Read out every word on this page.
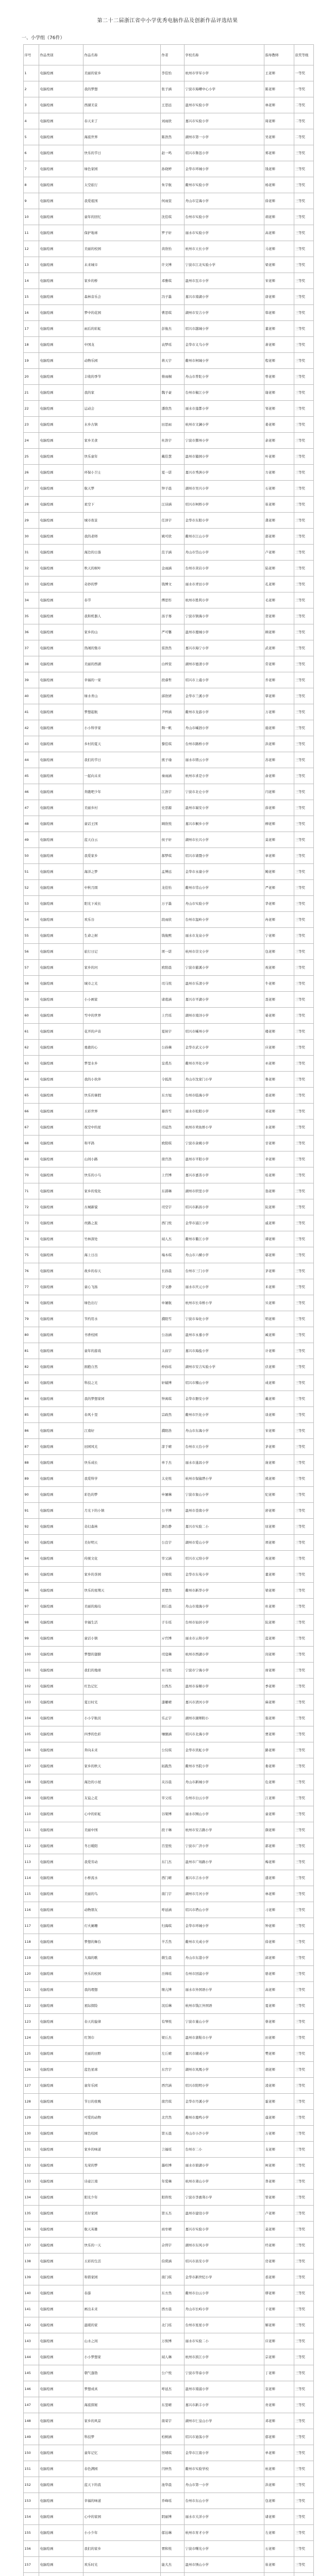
第二十二届浙江省中小学优秀电脑作品及创新作品评选结果
一、小学组（76件）
序号	作品类别	作品名称	作者	学校名称	指导教师	获奖等级
1	电脑绘画	美丽的家乡	李佳怡	杭州市学军小学	王老师	一等奖
2	电脑绘画	我的梦想	张子涵	宁波市海曙中心小学	陈老师	一等奖
3	电脑绘画	西湖美景	王思远	温州市实验小学	林老师	二等奖
4	电脑绘画	春天来了	刘雨欣	嘉兴市实验小学	周老师	二等奖
5	电脑绘画	海底世界	陈浩然	湖州市第一小学	吴老师	二等奖
6	电脑绘画	快乐的节日	赵一鸣	绍兴市鲁迅小学	郑老师	三等奖
7	电脑绘画	绿色家园	孙晓婷	金华市环城小学	钱老师	三等奖
8	电脑绘画	太空旅行	朱宇航	衢州市实验小学	杨老师	三等奖
9	电脑绘画	我爱祖国	何雨萱	舟山市定海小学	徐老师	三等奖
10	电脑绘画	童年的回忆	沈佳琪	台州市实验小学	胡老师	三等奖
11	电脑绘画	保护地球	罗子轩	丽水市实验小学	高老师	三等奖
12	电脑绘画	美丽的校园	黄欣怡	杭州市天长小学	马老师	三等奖
13	电脑绘画	未来城市	许文博	宁波市江北实验小学	梁老师	三等奖
14	电脑绘画	家乡的桥	邓雅琪	温州市瓦市小学	宋老师	三等奖
15	电脑绘画	森林音乐会	冯子墨	嘉兴市南湖小学	唐老师	三等奖
16	电脑绘画	梦中的花园	曹思琪	湖州市安吉小学	韩老师	三等奖
17	电脑绘画	雨后的彩虹	彭俊杰	绍兴市越城小学	董老师	三等奖
18	电脑绘画	中国龙	袁梦瑶	金华市义乌小学	萧老师	三等奖
19	电脑绘画	动物乐园	蒋天宇	衢州市柯城小学	程老师	三等奖
20	电脑绘画	丰收的季节	蔡雨桐	舟山市普陀小学	曾老师	三等奖
21	电脑绘画	我的家	魏子豪	台州市椒江小学	谢老师	三等奖
22	电脑绘画	运动会	潘欣然	丽水市莲都小学	邹老师	三等奖
23	电脑绘画	水乡古镇	田思雨	杭州市文澜小学	姜老师	三等奖
24	电脑绘画	家乡美食	杜浩宇	宁波市鄞州小学	余老师	三等奖
25	电脑绘画	快乐童年	戴佳慧	温州市籀园小学	叶老师	三等奖
26	电脑绘画	环保小卫士	夏一诺	嘉兴市秀洲小学	方老师	三等奖
27	电脑绘画	航天梦	钟子晨	湖州市吴兴小学	石老师	三等奖
28	电脑绘画	星空下	汪诗涵	绍兴市柯桥小学	崔老师	三等奖
29	电脑绘画	城市夜景	任泽宇	金华市东阳小学	龚老师	三等奖
30	电脑绘画	我的老师	姚可欣	衢州市江山小学	邵老师	三等奖
31	电脑绘画	海边的日落	范子涵	舟山市岱山小学	卢老师	三等奖
32	电脑绘画	秋天的树叶	金雨涵	台州市黄岩小学	陆老师	三等奖
33	电脑绘画	奇妙的梦	钱博文	丽水市青田小学	孔老师	三等奖
34	电脑绘画	春节	傅思彤	杭州市胜利小学	毛老师	三等奖
35	电脑绘画	我和机器人	汤子骞	宁波市镇海小学	贺老师	三等奖
36	电脑绘画	家乡的山	严可馨	温州市鹿城小学	顾老师	三等奖
37	电脑绘画	热闹的集市	雷浩然	嘉兴市海宁小学	武老师	三等奖
38	电脑绘画	美丽的西湖	白梓萱	湖州市德清小学	常老师	三等奖
39	电脑绘画	幸福的一家	段睿哲	绍兴市上虞小学	乔老师	三等奖
40	电脑绘画	绿水青山	邱欣妍	金华市兰溪小学	覃老师	三等奖
41	电脑绘画	梦想起航	尹梓涵	衢州市龙游小学	万老师	三等奖
42	电脑绘画	小小科学家	陶一帆	舟山市嵊泗小学	施老师	三等奖
43	电脑绘画	乡村的夏天	黎佳琪	台州市路桥小学	洪老师	三等奖
44	电脑绘画	我们的节日	熊子瑜	丽水市缙云小学	苏老师	三等奖
45	电脑绘画	一起向未来	秦雨涵	杭州市求是小学	俞老师	三等奖
46	电脑绘画	奔跑吧少年	江浩宇	宁波市北仑小学	闫老师	三等奖
47	电脑绘画	美丽乡村	史思源	温州市瑞安小学	薛老师	三等奖
48	电脑绘画	童话王国	顾欣悦	嘉兴市桐乡小学	柳老师	三等奖
49	电脑绘画	蓝天白云	侯子轩	湖州市长兴小学	莫老师	三等奖
50	电脑绘画	我爱家乡	郝梦琪	绍兴市诸暨小学	章老师	三等奖
51	电脑绘画	海洋之梦	孟博远	金华市永康小学	鲍老师	三等奖
52	电脑绘画	中秋月圆	龙佳怡	衢州市常山小学	严老师	三等奖
53	电脑绘画	阳光下成长	万子墨	舟山市实验小学	华老师	三等奖
54	电脑绘画	欢乐谷	段雨欣	台州市温岭小学	冉老师	三等奖
55	电脑绘画	生命之树	钱俊熙	丽水市龙泉小学	宁老师	三等奖
56	电脑绘画	旅行日记	项一诺	杭州市崇文小学	包老师	三等奖
57	电脑绘画	家乡的河	欧阳晨	宁波市慈溪小学	祝老师	三等奖
58	电脑绘画	城市之光	司马悦	温州市乐清小学	牛老师	三等奖
59	电脑绘画	小小画家	诸葛涵	嘉兴市平湖小学	聂老师	三等奖
60	电脑绘画	雪中的世界	上官瑶	湖州市南浔小学	晏老师	三等奖
61	电脑绘画	花开的声音	夏侯宇	绍兴市嵊州小学	楼老师	三等奖
62	电脑绘画	勇敢的心	公孙琳	金华市武义小学	应老师	三等奖
63	电脑绘画	梦里水乡	皇甫杰	衢州市开化小学	巫老师	三等奖
64	电脑绘画	我的小伙伴	令狐茜	舟山市沈家门小学	鲁老师	三等奖
65	电脑绘画	快乐的暑假	东方旭	台州市临海小学	裘老师	三等奖
66	电脑绘画	五彩世界	慕容雪	丽水市松阳小学	祁老师	三等奖
67	电脑绘画	夜空中的星	司徒然	杭州市卖鱼桥小学	水老师	三等奖
68	电脑绘画	和平鸽	欧阳琪	宁波市余姚小学	甘老师	三等奖
69	电脑绘画	山间小路	南宫浩	温州市平阳小学	幸老师	三等奖
70	电脑绘画	快乐的小鸟	上官博	嘉兴市嘉善小学	桂老师	三等奖
71	电脑绘画	家乡的变化	东郭琳	湖州市织里小学	翁老师	三等奖
72	电脑绘画	古城新貌	司空宇	绍兴市新昌小学	阮老师	三等奖
73	电脑绘画	丝路之旅	西门悦	金华市浦江小学	戚老师	三等奖
74	电脑绘画	竹林深处	闻人杰	衢州市衢江小学	谭老师	三等奖
75	电脑绘画	海上日出	端木琪	舟山市六横小学	邬老师	三等奖
76	电脑绘画	故乡的春天	长孙晨	台州市三门小学	茅老师	三等奖
77	电脑绘画	童心飞扬	宇文静	丽水市庆元小学	米老师	三等奖
78	电脑绘画	绿色出行	申屠航	杭州市长寿桥小学	贝老师	三等奖
79	电脑绘画	节约用水	濮阳雪	宁波市奉化小学	明老师	三等奖
80	电脑绘画	书香校园	公冶涵	温州市永嘉小学	臧老师	三等奖
81	电脑绘画	童年的游戏	太叔宇	嘉兴市海盐小学	计老师	三等奖
82	电脑绘画	拥抱自然	仲孙瑶	湖州市安吉实验小学	伏老师	三等奖
83	电脑绘画	科技之光	轩辕博	绍兴市稽山小学	成老师	三等奖
84	电脑绘画	我的梦想家园	钟离琪	金华市磐安小学	戴老师	三等奖
85	电脑绘画	春风十里	宗政然	衢州市巨化小学	谈老师	三等奖
86	电脑绘画	江南好	濮阳浩	舟山市东海小学	宋老师	三等奖
87	电脑绘画	田园风光	淳于晴	台州市天台小学	茅老师	三等奖
88	电脑绘画	快乐成长	单于杰	丽水市遂昌小学	庞老师	三等奖
89	电脑绘画	我爱科学	太史悦	杭州市保俶塔小学	熊老师	三等奖
90	电脑绘画	彩色的梦	申屠琳	宁波市象山小学	纪老师	三等奖
91	电脑绘画	月光下的小镇	公羊博	温州市苍南小学	舒老师	三等奖
92	电脑绘画	奇幻森林	澹台静	嘉兴市实验二小	屈老师	三等奖
93	电脑绘画	美好明天	公良宇	湖州市爱山小学	项老师	三等奖
94	电脑绘画	传统文化	宰父涵	绍兴市元培小学	祝老师	三等奖
95	电脑绘画	家乡的茶园	谷梁琪	金华市东苑小学	董老师	三等奖
96	电脑绘画	快乐的星期天	晋楚然	衢州市新华小学	梁老师	三等奖
97	电脑绘画	美丽的海岛	闾丘晨	舟山市南海小学	杜老师	三等奖
98	电脑绘画	幸福生活	子车瑶	台州市仙居小学	阮老师	三等奖
99	电脑绘画	童话小镇	亓官博	丽水市云和小学	蓝老师	三等奖
100	电脑绘画	梦想的翅膀	司寇琳	杭州市西湖小学	闵老师	三等奖
101	电脑绘画	我们的地球	巫马悦	宁波市宁海小学	席老师	三等奖
102	电脑绘画	红色记忆	公西杰	温州市泰顺小学	季老师	三等奖
103	电脑绘画	夏日时光	漆雕晴	嘉兴市清河小学	麻老师	三等奖
104	电脑绘画	小小宇航员	乐正宇	湖州市湖师附小	强老师	三等奖
105	电脑绘画	四季的色彩	壤驷涵	绍兴市北海小学	贾老师	三等奖
106	电脑绘画	奔向未来	公仪琪	金华市宾虹小学	路老师	三等奖
107	电脑绘画	家乡的秋天	拓跋然	衢州市书院小学	娄老师	三等奖
108	电脑绘画	海边的小屋	夹谷晨	舟山市新城小学	危老师	三等奖
109	电脑绘画	友谊之花	宰父瑶	台州市白云小学	江老师	三等奖
110	电脑绘画	心中的彩虹	谷梁博	丽水市囿山小学	童老师	三等奖
111	电脑绘画	美丽中国	段干琳	杭州市安吉路小学	颜老师	三等奖
112	电脑绘画	冬日暖阳	百里悦	宁波市广济小学	郭老师	三等奖
113	电脑绘画	我爱劳动	东门杰	温州市广场路小学	梅老师	三等奖
114	电脑绘画	小桥流水	西门晴	嘉兴市吉水小学	盛老师	三等奖
115	电脑绘画	美丽的鸟	南门宇	湖州市月河小学	林老师	三等奖
116	电脑绘画	动物朋友	呼延涵	绍兴市塔山小学	刁老师	三等奖
117	电脑绘画	灯火阑珊	归海琪	金华市环城小学	钟老师	三等奖
118	电脑绘画	梦想的舞台	羊舌然	衢州市大成小学	徐老师	三等奖
119	电脑绘画	大海的歌	微生晨	舟山市东港小学	邱老师	三等奖
120	电脑绘画	快乐的校园	岳帅瑶	台州市回浦小学	骆老师	三等奖
121	电脑绘画	我的理想	缑亢博	丽水市外国语小学	高老师	三等奖
122	电脑绘画	星际探险	况后琳	杭州市钱江外国语	夏老师	三等奖
123	电脑绘画	春天的旋律	有琴悦	宁波市堇山小学	蔡老师	三等奖
124	电脑绘画	红领巾	梁丘杰	温州市蒲鞋市小学	田老师	三等奖
125	电脑绘画	美丽的田野	左丘晴	嘉兴市辅成小学	樊老师	三等奖
126	电脑绘画	蓝色星球	东宫宇	湖州市凤凰小学	胡老师	三等奖
127	电脑绘画	童年乐园	西宫涵	绍兴市阳明小学	凌老师	三等奖
128	电脑绘画	节日的夜晚	南宫琪	金华市丹溪小学	霍老师	三等奖
129	电脑绘画	可爱的动物	北宫然	衢州市鹿鸣小学	虞老师	三等奖
130	电脑绘画	绿色校园	第五晨	舟山市小沙小学	万老师	三等奖
131	电脑绘画	家乡的味道	言福瑶	台州市二小	支老师	三等奖
132	电脑绘画	光荣的梦	墨哈博	丽水市碧湖小学	柯老师	三等奖
133	电脑绘画	诗意江南	年爱琳	杭州市萧山小学	昝老师	三等奖
134	电脑绘画	阳光少年	阳佟悦	宁波市李惠利小学	管老师	三等奖
135	电脑绘画	美好家园	第五杰	温州市建设小学	卢老师	三等奖
136	电脑绘画	航天英雄	商牟晴	嘉兴市实验小学	莫老师	三等奖
137	电脑绘画	快乐的一天	佘佴宇	湖州市东风小学	经老师	三等奖
138	电脑绘画	五彩的生活	伯赏涵	绍兴市昌安小学	房老师	三等奖
139	电脑绘画	和谐家园	南门琪	金华市新世纪小学	裘老师	三等奖
140	电脑绘画	春游	东方然	衢州市白云小学	缪老师	三等奖
141	电脑绘画	画出未来	西方晨	舟山市长峙小学	干老师	三等奖
142	电脑绘画	温暖的家	北门瑶	台州市星星小学	解老师	三等奖
143	电脑绘画	山水之间	万俟博	丽水市实验二小	应老师	三等奖
144	电脑绘画	小小梦想家	闻人琳	杭州市滨江小学	宗老师	三等奖
145	电脑绘画	朝气蓬勃	公户悦	宁波市华泰小学	丁老师	三等奖
146	电脑绘画	梦想成真	呼延杰	温州市南浦小学	宣老师	三等奖
147	电脑绘画	海底探秘	东里晴	嘉兴市新丰小学	贲老师	三等奖
148	电脑绘画	家乡的风景	南荣宇	湖州市仁皇山小学	邓老师	三等奖
149	电脑绘画	科技梦	柏树涵	绍兴市迪荡小学	郁老师	三等奖
150	电脑绘画	童年记忆	厉晴琪	金华市江南小学	单老师	三等奖
151	电脑绘画	春色满园	闫仲然	衢州市实验学校	杭老师	三等奖
152	电脑绘画	蓝天下的我	池华晨	舟山市第一小学	洪老师	三等奖
153	电脑绘画	幸福的味道	乔峰瑶	台州市东山小学	包老师	三等奖
154	电脑绘画	心中的家园	阴丽博	丽水市大洋小学	诸老师	三等奖
155	电脑绘画	小小少年	郁达琳	杭州市育才小学	左老师	三等奖
156	电脑绘画	我们的家乡	胥和悦	宁波市曙光小学	石老师	三等奖
157	电脑绘画	欢乐时光	能大杰	温州市绣山小学	崔老师	三等奖
